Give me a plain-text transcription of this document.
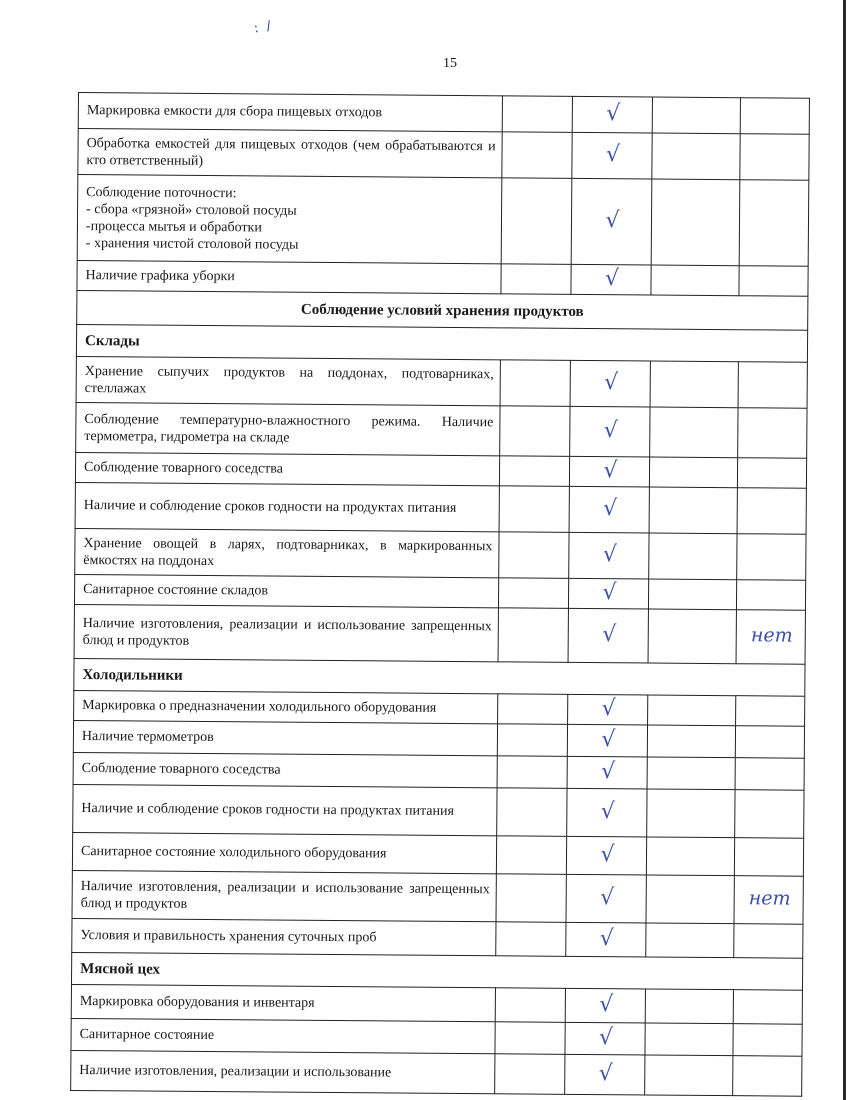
: /
15
Маркировка емкости для сбора пищевых отходов		√		
Обработка емкостей для пищевых отходов (чем обрабатываются и кто ответственный)		√		
Соблюдение поточности:
- сбора «грязной» столовой посуды
-процесса мытья и обработки
- хранения чистой столовой посуды		√		
Наличие графика уборки		√		
Соблюдение условий хранения продуктов				
Склады				
Хранение сыпучих продуктов на поддонах, подтоварниках, стеллажах		√		
Соблюдение температурно-влажностного режима. Наличие термометра, гидрометра на складе		√		
Соблюдение товарного соседства		√		
Наличие и соблюдение сроков годности на продуктах питания		√		
Хранение овощей в ларях, подтоварниках, в маркированных ёмкостях на поддонах		√		
Санитарное состояние складов		√		
Наличие изготовления, реализации и использование запрещенных блюд и продуктов		√		нет
Холодильники				
Маркировка о предназначении холодильного оборудования		√		
Наличие термометров		√		
Соблюдение товарного соседства		√		
Наличие и соблюдение сроков годности на продуктах питания		√		
Санитарное состояние холодильного оборудования		√		
Наличие изготовления, реализации и использование запрещенных блюд и продуктов		√		нет
Условия и правильность хранения суточных проб		√		
Мясной цех				
Маркировка оборудования и инвентаря		√		
Санитарное состояние		√		
Наличие изготовления, реализации и использование		√		
